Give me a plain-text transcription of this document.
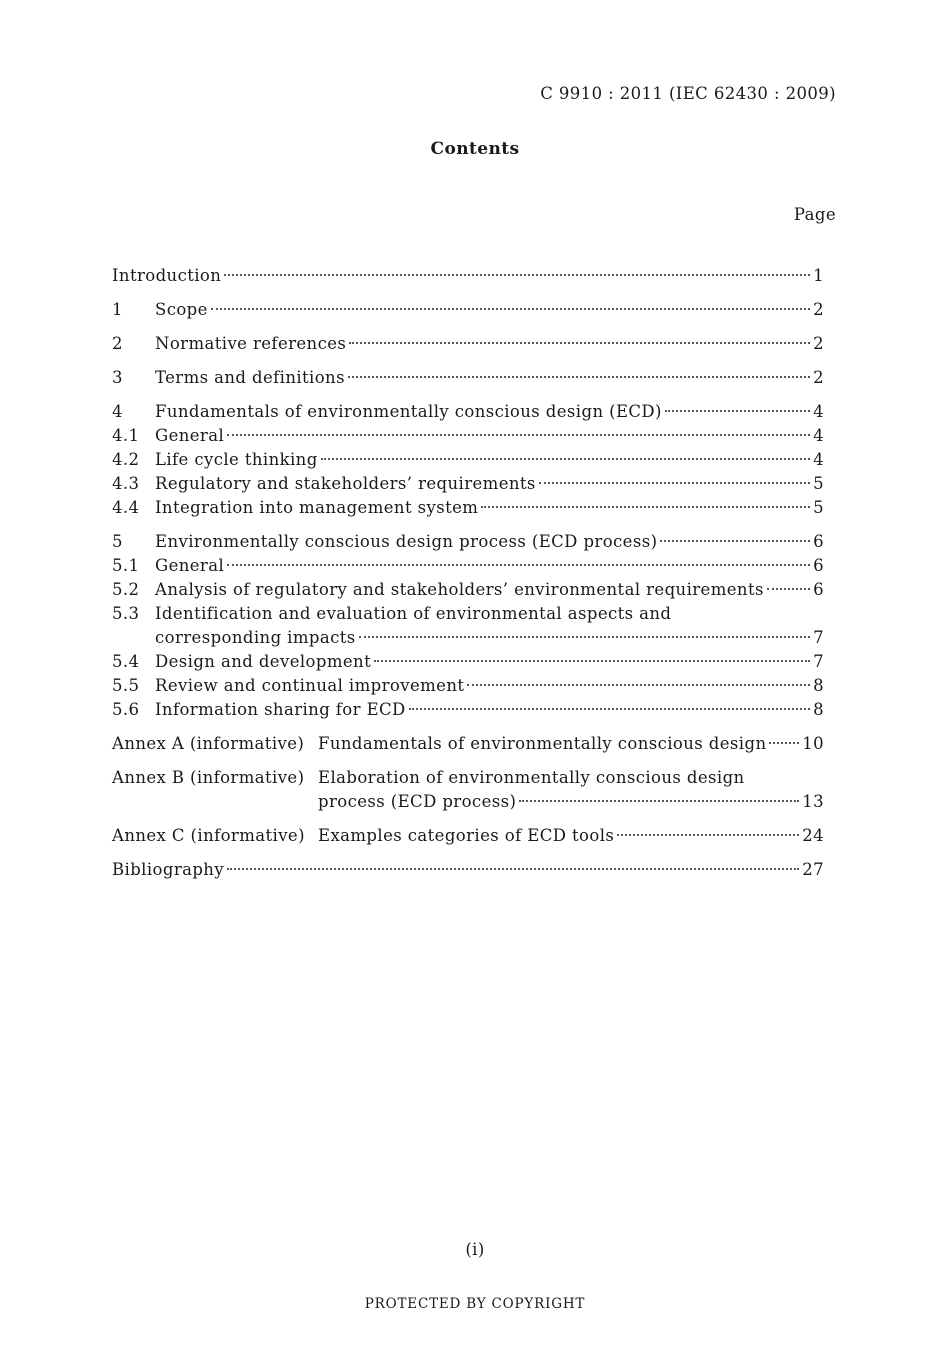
C 9910 : 2011 (IEC 62430 : 2009)
Contents
Page
Introduction	1
1	Scope	2
2	Normative references	2
3	Terms and definitions	2
4	Fundamentals of environmentally conscious design (ECD)	4
4.1 General	4
4.2 Life cycle thinking	4
4.3 Regulatory and stakeholders’ requirements	5
4.4 Integration into management system	5
5	Environmentally conscious design process (ECD process)	6
5.1 General	6
5.2 Analysis of regulatory and stakeholders’ environmental requirements	6
5.3 Identification and evaluation of environmental aspects and
corresponding impacts	7
5.4 Design and development	7
5.5 Review and continual improvement	8
5.6 Information sharing for ECD	8
Annex A (informative) Fundamentals of environmentally conscious design 10
Annex B (informative) Elaboration of environmentally conscious design
process (ECD process)	13
Annex C (informative) Examples categories of ECD tools	24
Bibliography	27
(i)
PROTECTED BY COPYRIGHT
